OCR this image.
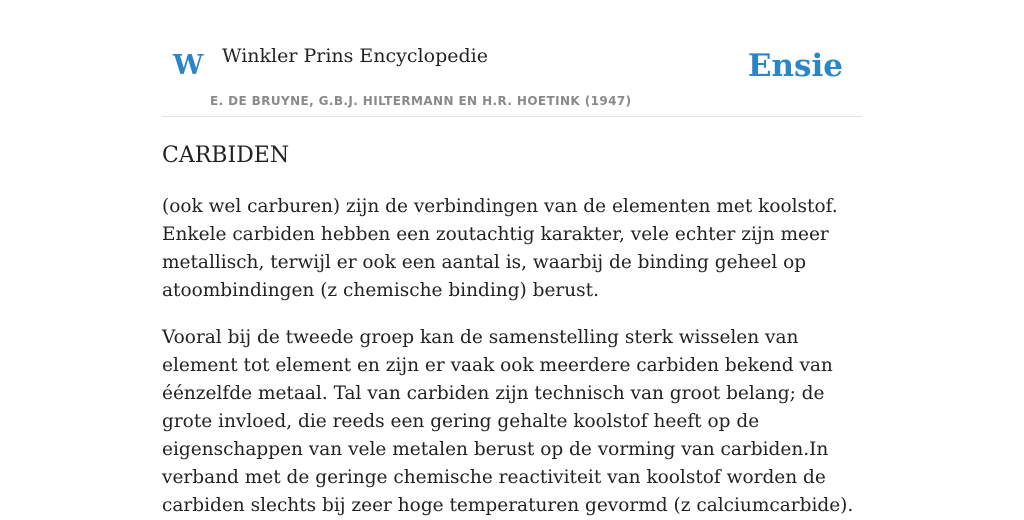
W Winkler Prins Encyclopedie
E. DE BRUYNE, G.B.J. HILTERMANN EN H.R. HOETINK (1947)
Ensie
CARBIDEN

(ook wel carburen) zijn de verbindingen van de elementen met koolstof. Enkele carbiden hebben een zoutachtig karakter, vele echter zijn meer metallisch, terwijl er ook een aantal is, waarbij de binding geheel op atoombindingen (z chemische binding) berust.

Vooral bij de tweede groep kan de samenstelling sterk wisselen van element tot element en zijn er vaak ook meerdere carbiden bekend van éénzelfde metaal. Tal van carbiden zijn technisch van groot belang; de grote invloed, die reeds een gering gehalte koolstof heeft op de eigenschappen van vele metalen berust op de vorming van carbiden.In verband met de geringe chemische reactiviteit van koolstof worden de carbiden slechts bij zeer hoge temperaturen gevormd (z calciumcarbide).
